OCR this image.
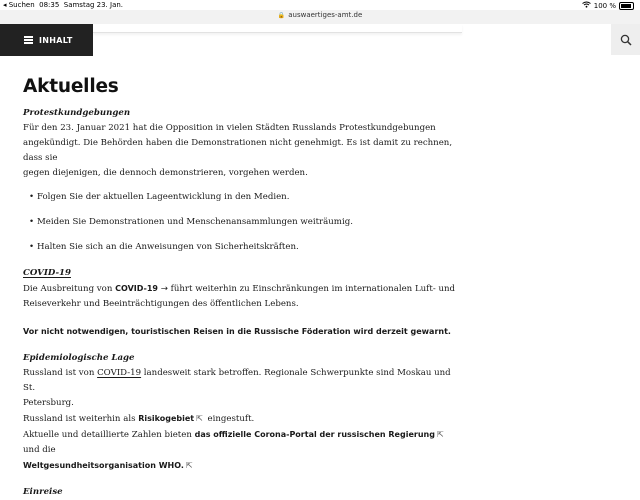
◂ Suchen 08:35 Samstag 23. Jan.	100 %
🔒 auswaertiges-amt.de
INHALT
Aktuelles

Protestkundgebungen

Für den 23. Januar 2021 hat die Opposition in vielen Städten Russlands Protestkundgebungen
angekündigt. Die Behörden haben die Demonstrationen nicht genehmigt. Es ist damit zu rechnen, dass sie
gegen diejenigen, die dennoch demonstrieren, vorgehen werden.

• Folgen Sie der aktuellen Lageentwicklung in den Medien.
• Meiden Sie Demonstrationen und Menschenansammlungen weiträumig.
• Halten Sie sich an die Anweisungen von Sicherheitskräften.

COVID-19

Die Ausbreitung von COVID-19 → führt weiterhin zu Einschränkungen im internationalen Luft- und
Reiseverkehr und Beeinträchtigungen des öffentlichen Lebens.

Vor nicht notwendigen, touristischen Reisen in die Russische Föderation wird derzeit gewarnt.

Epidemiologische Lage

Russland ist von COVID-19 landesweit stark betroffen. Regionale Schwerpunkte sind Moskau und St.
Petersburg.
Russland ist weiterhin als Risikogebiet ⇱ eingestuft.
Aktuelle und detaillierte Zahlen bieten das offizielle Corona-Portal der russischen Regierung ⇱ und die
Weltgesundheitsorganisation WHO. ⇱

Einreise
